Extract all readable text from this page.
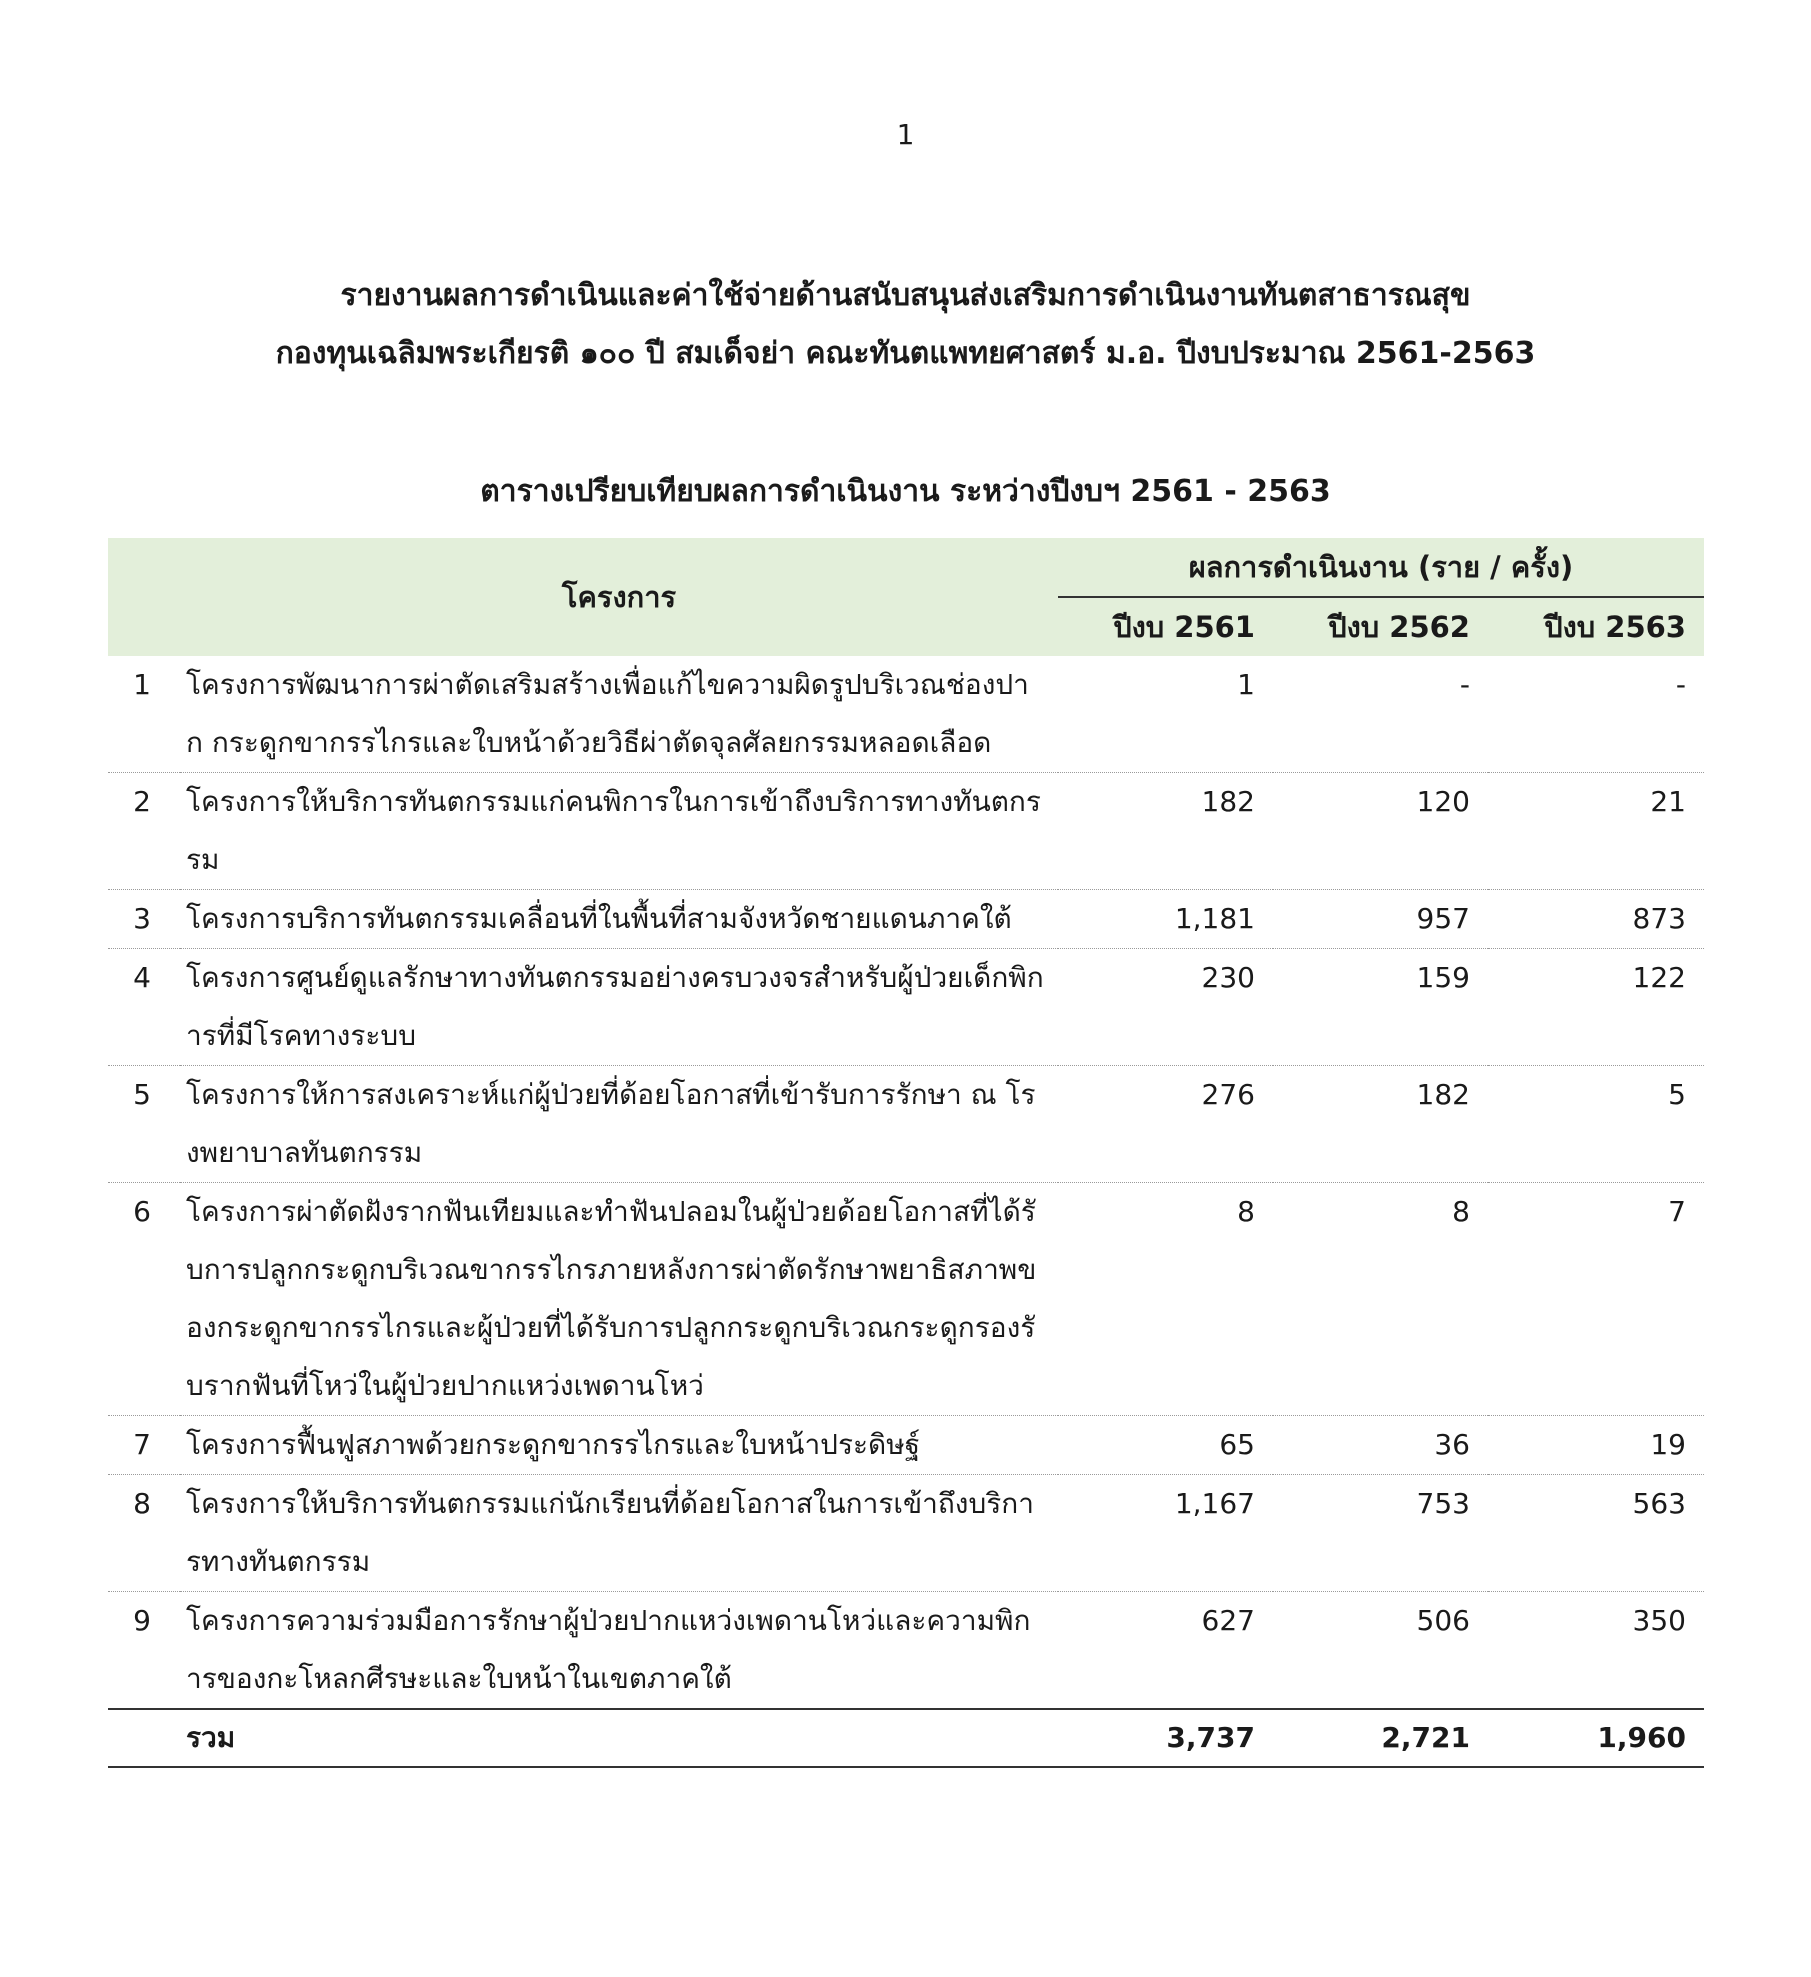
1
รายงานผลการดำเนินและค่าใช้จ่ายด้านสนับสนุนส่งเสริมการดำเนินงานทันตสาธารณสุข
กองทุนเฉลิมพระเกียรติ ๑๐๐ ปี สมเด็จย่า คณะทันตแพทยศาสตร์ ม.อ. ปีงบประมาณ 2561-2563
ตารางเปรียบเทียบผลการดำเนินงาน ระหว่างปีงบฯ 2561 - 2563
	โครงการ	ผลการดำเนินงาน (ราย / ครั้ง)		
		ปีงบ 2561	ปีงบ 2562	ปีงบ 2563
1	โครงการพัฒนาการผ่าตัดเสริมสร้างเพื่อแก้ไขความผิดรูปบริเวณช่องปาก กระดูกขากรรไกรและใบหน้าด้วยวิธีผ่าตัดจุลศัลยกรรมหลอดเลือด	1	-	-
2	โครงการให้บริการทันตกรรมแก่คนพิการในการเข้าถึงบริการทางทันตกรรม	182	120	21
3	โครงการบริการทันตกรรมเคลื่อนที่ในพื้นที่สามจังหวัดชายแดนภาคใต้	1,181	957	873
4	โครงการศูนย์ดูแลรักษาทางทันตกรรมอย่างครบวงจรสำหรับผู้ป่วยเด็กพิการที่มีโรคทางระบบ	230	159	122
5	โครงการให้การสงเคราะห์แก่ผู้ป่วยที่ด้อยโอกาสที่เข้ารับการรักษา ณ โรงพยาบาลทันตกรรม	276	182	5
6	โครงการผ่าตัดฝังรากฟันเทียมและทำฟันปลอมในผู้ป่วยด้อยโอกาสที่ได้รับการปลูกกระดูกบริเวณขากรรไกรภายหลังการผ่าตัดรักษาพยาธิสภาพของกระดูกขากรรไกรและผู้ป่วยที่ได้รับการปลูกกระดูกบริเวณกระดูกรองรับรากฟันที่โหว่ในผู้ป่วยปากแหว่งเพดานโหว่	8	8	7
7	โครงการฟื้นฟูสภาพด้วยกระดูกขากรรไกรและใบหน้าประดิษฐ์	65	36	19
8	โครงการให้บริการทันตกรรมแก่นักเรียนที่ด้อยโอกาสในการเข้าถึงบริการทางทันตกรรม	1,167	753	563
9	โครงการความร่วมมือการรักษาผู้ป่วยปากแหว่งเพดานโหว่และความพิการของกะโหลกศีรษะและใบหน้าในเขตภาคใต้	627	506	350
	รวม	3,737	2,721	1,960
